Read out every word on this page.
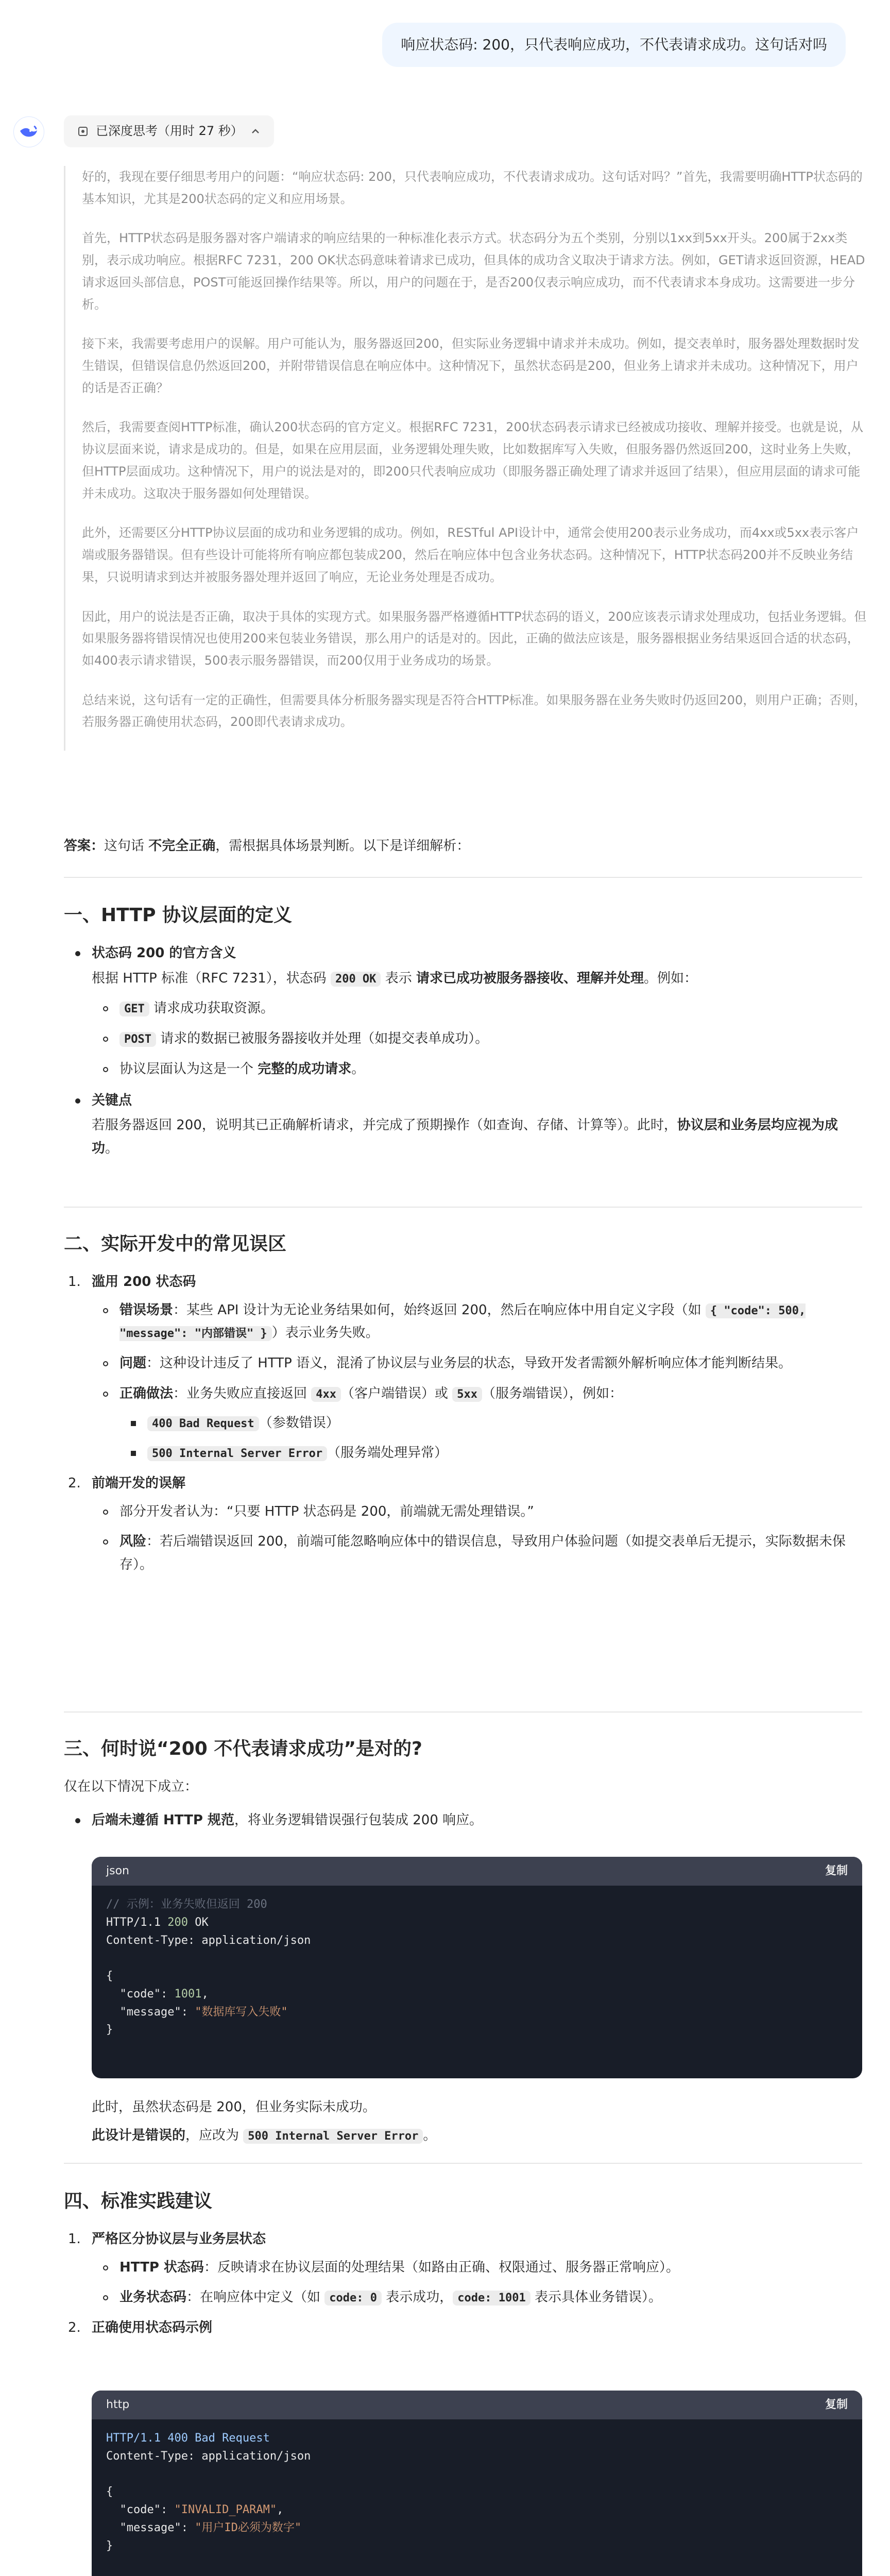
响应状态码: 200，只代表响应成功，不代表请求成功。这句话对吗
已深度思考（用时 27 秒）

好的，我现在要仔细思考用户的问题：“响应状态码: 200，只代表响应成功，不代表请求成功。这句话对吗？”首先，我需要明确HTTP状态码的基本知识，尤其是200状态码的定义和应用场景。

首先，HTTP状态码是服务器对客户端请求的响应结果的一种标准化表示方式。状态码分为五个类别，分别以1xx到5xx开头。200属于2xx类别，表示成功响应。根据RFC 7231，200 OK状态码意味着请求已成功，但具体的成功含义取决于请求方法。例如，GET请求返回资源，HEAD请求返回头部信息，POST可能返回操作结果等。所以，用户的问题在于，是否200仅表示响应成功，而不代表请求本身成功。这需要进一步分析。

接下来，我需要考虑用户的误解。用户可能认为，服务器返回200，但实际业务逻辑中请求并未成功。例如，提交表单时，服务器处理数据时发生错误，但错误信息仍然返回200，并附带错误信息在响应体中。这种情况下，虽然状态码是200，但业务上请求并未成功。这种情况下，用户的话是否正确？

然后，我需要查阅HTTP标准，确认200状态码的官方定义。根据RFC 7231，200状态码表示请求已经被成功接收、理解并接受。也就是说，从协议层面来说，请求是成功的。但是，如果在应用层面，业务逻辑处理失败，比如数据库写入失败，但服务器仍然返回200，这时业务上失败，但HTTP层面成功。这种情况下，用户的说法是对的，即200只代表响应成功（即服务器正确处理了请求并返回了结果），但应用层面的请求可能并未成功。这取决于服务器如何处理错误。

此外，还需要区分HTTP协议层面的成功和业务逻辑的成功。例如，RESTful API设计中，通常会使用200表示业务成功，而4xx或5xx表示客户端或服务器错误。但有些设计可能将所有响应都包装成200，然后在响应体中包含业务状态码。这种情况下，HTTP状态码200并不反映业务结果，只说明请求到达并被服务器处理并返回了响应，无论业务处理是否成功。

因此，用户的说法是否正确，取决于具体的实现方式。如果服务器严格遵循HTTP状态码的语义，200应该表示请求处理成功，包括业务逻辑。但如果服务器将错误情况也使用200来包装业务错误，那么用户的话是对的。因此，正确的做法应该是，服务器根据业务结果返回合适的状态码，如400表示请求错误，500表示服务器错误，而200仅用于业务成功的场景。

总结来说，这句话有一定的正确性，但需要具体分析服务器实现是否符合HTTP标准。如果服务器在业务失败时仍返回200，则用户正确；否则，若服务器正确使用状态码，200即代表请求成功。

答案：这句话 不完全正确，需根据具体场景判断。以下是详细解析：

一、HTTP 协议层面的定义
状态码 200 的官方含义
根据 HTTP 标准（RFC 7231），状态码 200 OK 表示 请求已成功被服务器接收、理解并处理。例如：
GET 请求成功获取资源。
POST 请求的数据已被服务器接收并处理（如提交表单成功）。
协议层面认为这是一个 完整的成功请求。
关键点
若服务器返回 200，说明其已正确解析请求，并完成了预期操作（如查询、存储、计算等）。此时，协议层和业务层均应视为成功。
二、实际开发中的常见误区
1. 滥用 200 状态码
错误场景：某些 API 设计为无论业务结果如何，始终返回 200，然后在响应体中用自定义字段（如 { "code": 500, "message": "内部错误" } ）表示业务失败。
问题：这种设计违反了 HTTP 语义，混淆了协议层与业务层的状态，导致开发者需额外解析响应体才能判断结果。
正确做法：业务失败应直接返回 4xx （客户端错误）或 5xx （服务端错误），例如：
400 Bad Request （参数错误）
500 Internal Server Error （服务端处理异常）
2. 前端开发的误解
部分开发者认为：“只要 HTTP 状态码是 200，前端就无需处理错误。”
风险：若后端错误返回 200，前端可能忽略响应体中的错误信息，导致用户体验问题（如提交表单后无提示，实际数据未保存）。
三、何时说“200 不代表请求成功”是对的?
仅在以下情况下成立：
后端未遵循 HTTP 规范，将业务逻辑错误强行包装成 200 响应。
json	复制
// 示例：业务失败但返回 200
HTTP/1.1 200 OK
Content-Type: application/json

{
"code": 1001,
"message": "数据库写入失败"
}
此时，虽然状态码是 200，但业务实际未成功。
此设计是错误的，应改为 500 Internal Server Error 。
四、标准实践建议
1. 严格区分协议层与业务层状态
HTTP 状态码：反映请求在协议层面的处理结果（如路由正确、权限通过、服务器正常响应）。
业务状态码：在响应体中定义（如 code: 0 表示成功， code: 1001 表示具体业务错误）。
2. 正确使用状态码示例
http	复制
HTTP/1.1 400 Bad Request
Content-Type: application/json

{
"code": "INVALID_PARAM",
"message": "用户ID必须为数字"
}
